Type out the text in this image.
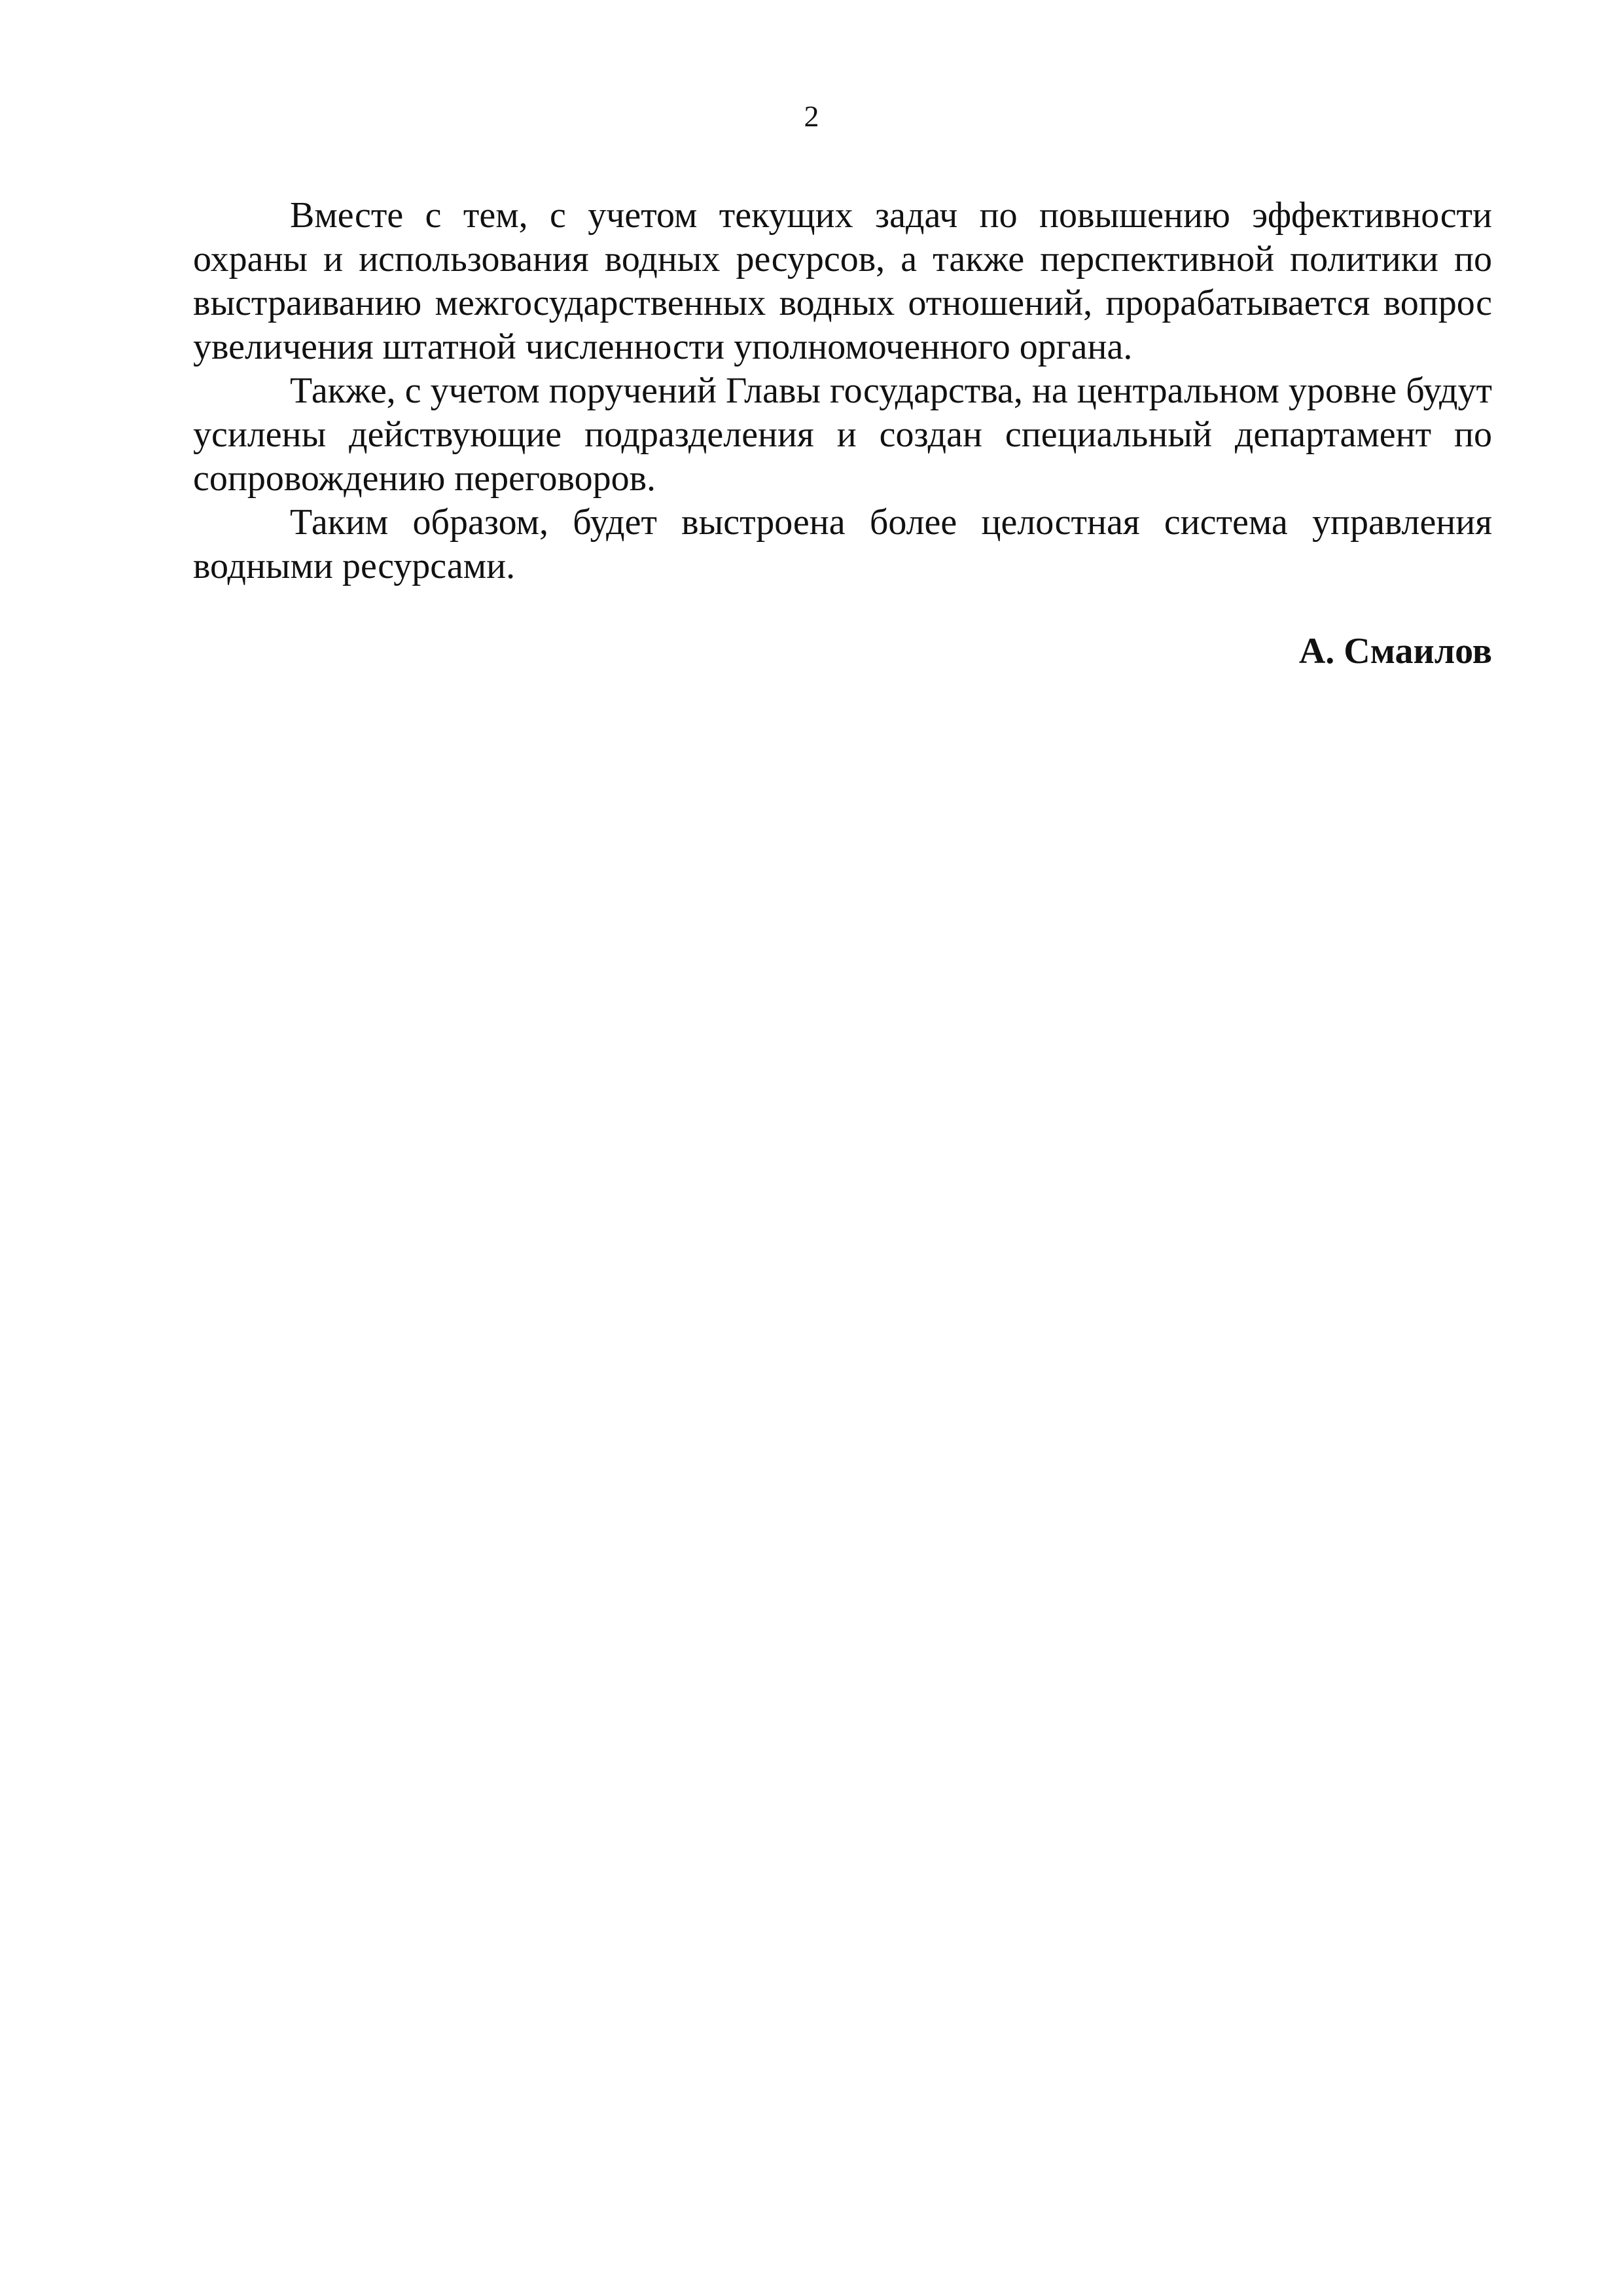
2

Вместе с тем, с учетом текущих задач по повышению эффективности охраны и использования водных ресурсов, а также перспективной политики по выстраиванию межгосударственных водных отношений, прорабатывается вопрос увеличения штатной численности уполномоченного органа.

Также, с учетом поручений Главы государства, на центральном уровне будут усилены действующие подразделения и создан специальный департамент по сопровождению переговоров.

Таким образом, будет выстроена более целостная система управления водными ресурсами.

А. Смаилов
